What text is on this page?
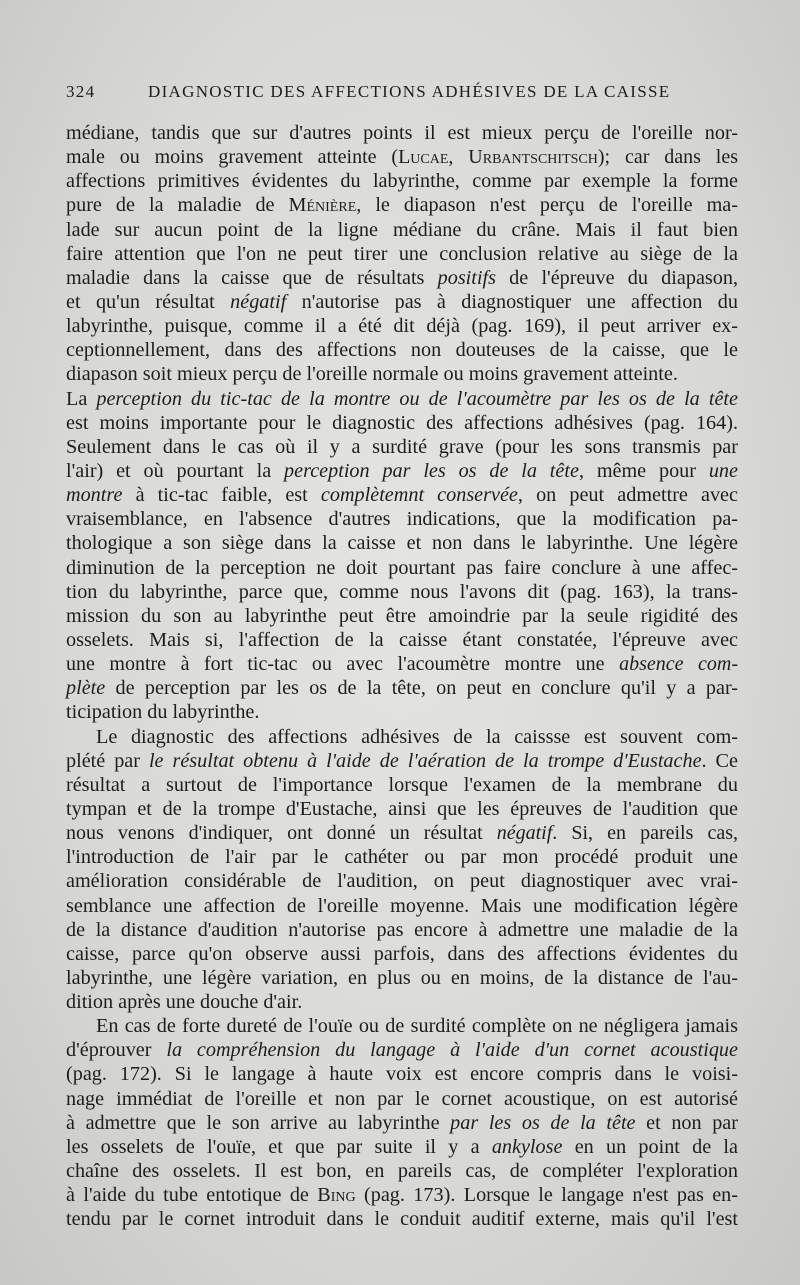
324	DIAGNOSTIC DES AFFECTIONS ADHÉSIVES DE LA CAISSE
médiane, tandis que sur d'autres points il est mieux perçu de l'oreille nor-
male ou moins gravement atteinte (Lucae, Urbantschitsch); car dans les
affections primitives évidentes du labyrinthe, comme par exemple la forme
pure de la maladie de Ménière, le diapason n'est perçu de l'oreille ma-
lade sur aucun point de la ligne médiane du crâne. Mais il faut bien
faire attention que l'on ne peut tirer une conclusion relative au siège de la
maladie dans la caisse que de résultats positifs de l'épreuve du diapason,
et qu'un résultat négatif n'autorise pas à diagnostiquer une affection du
labyrinthe, puisque, comme il a été dit déjà (pag. 169), il peut arriver ex-
ceptionnellement, dans des affections non douteuses de la caisse, que le
diapason soit mieux perçu de l'oreille normale ou moins gravement atteinte.
La perception du tic-tac de la montre ou de l'acoumètre par les os de la tête
est moins importante pour le diagnostic des affections adhésives (pag. 164).
Seulement dans le cas où il y a surdité grave (pour les sons transmis par
l'air) et où pourtant la perception par les os de la tête, même pour une
montre à tic-tac faible, est complètemnt conservée, on peut admettre avec
vraisemblance, en l'absence d'autres indications, que la modification pa-
thologique a son siège dans la caisse et non dans le labyrinthe. Une légère
diminution de la perception ne doit pourtant pas faire conclure à une affec-
tion du labyrinthe, parce que, comme nous l'avons dit (pag. 163), la trans-
mission du son au labyrinthe peut être amoindrie par la seule rigidité des
osselets. Mais si, l'affection de la caisse étant constatée, l'épreuve avec
une montre à fort tic-tac ou avec l'acoumètre montre une absence com-
plète de perception par les os de la tête, on peut en conclure qu'il y a par-
ticipation du labyrinthe.
Le diagnostic des affections adhésives de la caissse est souvent com-
plété par le résultat obtenu à l'aide de l'aération de la trompe d'Eustache. Ce
résultat a surtout de l'importance lorsque l'examen de la membrane du
tympan et de la trompe d'Eustache, ainsi que les épreuves de l'audition que
nous venons d'indiquer, ont donné un résultat négatif. Si, en pareils cas,
l'introduction de l'air par le cathéter ou par mon procédé produit une
amélioration considérable de l'audition, on peut diagnostiquer avec vrai-
semblance une affection de l'oreille moyenne. Mais une modification légère
de la distance d'audition n'autorise pas encore à admettre une maladie de la
caisse, parce qu'on observe aussi parfois, dans des affections évidentes du
labyrinthe, une légère variation, en plus ou en moins, de la distance de l'au-
dition après une douche d'air.
En cas de forte dureté de l'ouïe ou de surdité complète on ne négligera jamais
d'éprouver la compréhension du langage à l'aide d'un cornet acoustique
(pag. 172). Si le langage à haute voix est encore compris dans le voisi-
nage immédiat de l'oreille et non par le cornet acoustique, on est autorisé
à admettre que le son arrive au labyrinthe par les os de la tête et non par
les osselets de l'ouïe, et que par suite il y a ankylose en un point de la
chaîne des osselets. Il est bon, en pareils cas, de compléter l'exploration
à l'aide du tube entotique de Bing (pag. 173). Lorsque le langage n'est pas en-
tendu par le cornet introduit dans le conduit auditif externe, mais qu'il l'est
